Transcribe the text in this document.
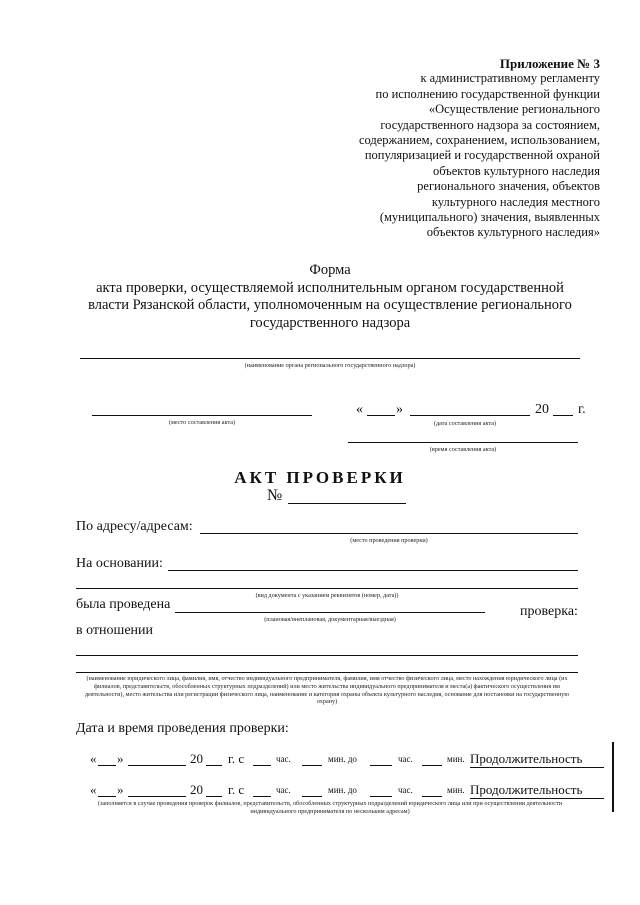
Приложение № 3
к административному регламенту
по исполнению государственной функции
«Осуществление регионального
государственного надзора за состоянием,
содержанием, сохранением, использованием,
популяризацией и государственной охраной
объектов культурного наследия
регионального значения, объектов
культурного наследия местного
(муниципального) значения, выявленных
объектов культурного наследия»
Форма
акта проверки, осуществляемой исполнительным органом государственной
власти Рязанской области, уполномоченным на осуществление регионального
государственного надзора
(наименование органа регионального государственного надзора)
(место составления акта)
« »	20 г.
(дата составления акта)
(время составления акта)
АКТ ПРОВЕРКИ
№
По адресу/адресам:
(место проведения проверки)
На основании:
(вид документа с указанием реквизитов (номер, дата))
была проведена
(плановая/внеплановая, документарная/выездная)
проверка:
в отношении
(наименование юридического лица, фамилия, имя, отчество индивидуального предпринимателя, фамилия, имя отчество физического лица, место нахождения юридического лица (их филиалов, представительств, обособленных структурных подразделений) или место жительства индивидуального предпринимателя и места(а) фактического осуществления им деятельности), место жительства или регистрации физического лица, наименование и категория охраны объекта культурного наследия, основание для постановки на государственную охрану)
Дата и время проведения проверки:
« »	20 г. с	час.	мин. до	час.	мин. Продолжительность
« »	20 г. с	час.	мин. до	час.	мин. Продолжительность
(заполняется в случае проведения проверок филиалов, представительств, обособленных структурных подразделений юридического лица или при осуществлении деятельности индивидуального предпринимателя по нескольким адресам)
